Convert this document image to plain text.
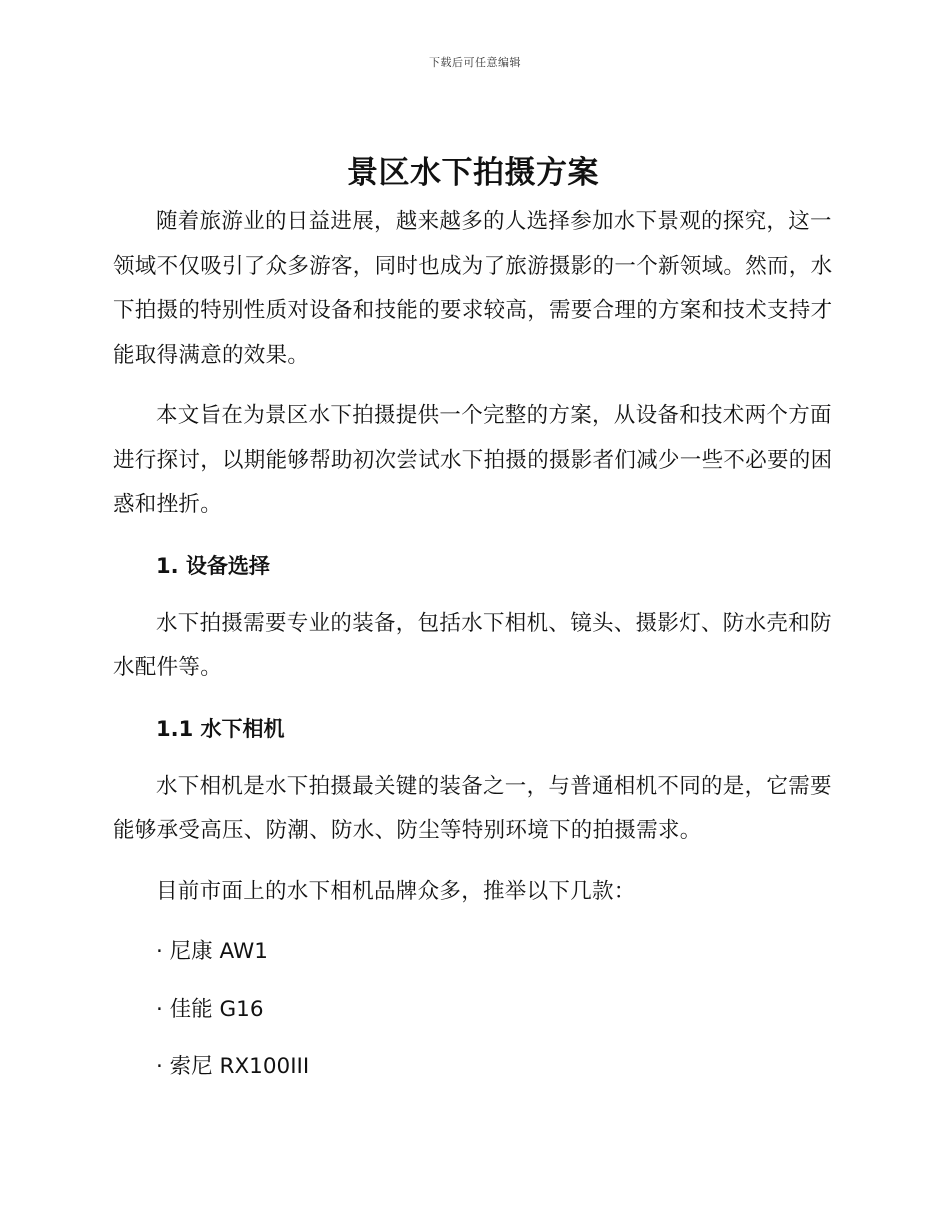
下载后可任意编辑
景区水下拍摄方案

随着旅游业的日益进展，越来越多的人选择参加水下景观的探究，这一领域不仅吸引了众多游客，同时也成为了旅游摄影的一个新领域。然而，水下拍摄的特别性质对设备和技能的要求较高，需要合理的方案和技术支持才能取得满意的效果。

本文旨在为景区水下拍摄提供一个完整的方案，从设备和技术两个方面进行探讨，以期能够帮助初次尝试水下拍摄的摄影者们减少一些不必要的困惑和挫折。

1. 设备选择

水下拍摄需要专业的装备，包括水下相机、镜头、摄影灯、防水壳和防水配件等。

1.1 水下相机

水下相机是水下拍摄最关键的装备之一，与普通相机不同的是，它需要能够承受高压、防潮、防水、防尘等特别环境下的拍摄需求。

目前市面上的水下相机品牌众多，推举以下几款：

· 尼康 AW1
· 佳能 G16
· 索尼 RX100III
